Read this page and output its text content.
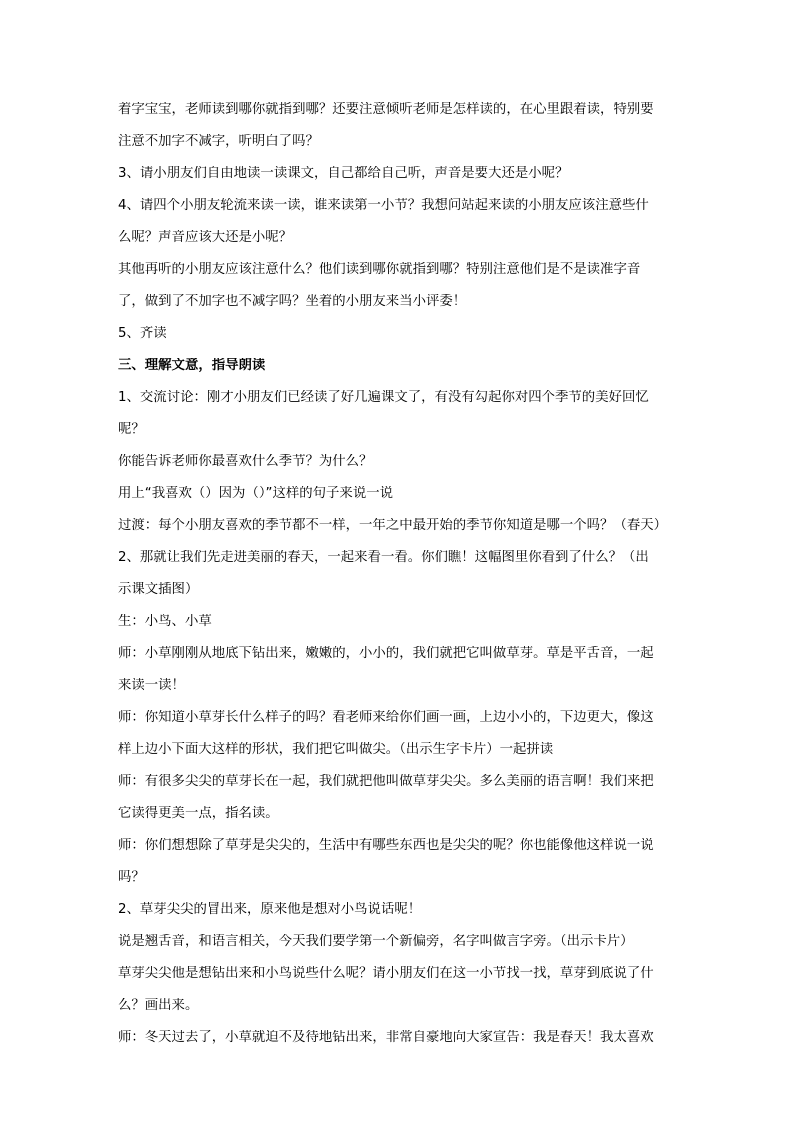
着字宝宝，老师读到哪你就指到哪？还要注意倾听老师是怎样读的，在心里跟着读，特别要
注意不加字不减字，听明白了吗？
3、请小朋友们自由地读一读课文，自己都给自己听，声音是要大还是小呢？
4、请四个小朋友轮流来读一读，谁来读第一小节？我想问站起来读的小朋友应该注意些什
么呢？声音应该大还是小呢？
其他再听的小朋友应该注意什么？他们读到哪你就指到哪？特别注意他们是不是读准字音
了，做到了不加字也不减字吗？坐着的小朋友来当小评委！
5、齐读
三、理解文意，指导朗读
1、交流讨论：刚才小朋友们已经读了好几遍课文了，有没有勾起你对四个季节的美好回忆
呢？
你能告诉老师你最喜欢什么季节？为什么？
用上“我喜欢（）因为（）”这样的句子来说一说
过渡：每个小朋友喜欢的季节都不一样，一年之中最开始的季节你知道是哪一个吗？（春天）
2、那就让我们先走进美丽的春天，一起来看一看。你们瞧！这幅图里你看到了什么？（出
示课文插图）
生：小鸟、小草
师：小草刚刚从地底下钻出来，嫩嫩的，小小的，我们就把它叫做草芽。草是平舌音，一起
来读一读！
师：你知道小草芽长什么样子的吗？看老师来给你们画一画，上边小小的，下边更大，像这
样上边小下面大这样的形状，我们把它叫做尖。（出示生字卡片）一起拼读
师：有很多尖尖的草芽长在一起，我们就把他叫做草芽尖尖。多么美丽的语言啊！我们来把
它读得更美一点，指名读。
师：你们想想除了草芽是尖尖的，生活中有哪些东西也是尖尖的呢？你也能像他这样说一说
吗？
2、草芽尖尖的冒出来，原来他是想对小鸟说话呢！
说是翘舌音，和语言相关，今天我们要学第一个新偏旁，名字叫做言字旁。（出示卡片）
草芽尖尖他是想钻出来和小鸟说些什么呢？请小朋友们在这一小节找一找，草芽到底说了什
么？画出来。
师：冬天过去了，小草就迫不及待地钻出来，非常自豪地向大家宣告：我是春天！我太喜欢
